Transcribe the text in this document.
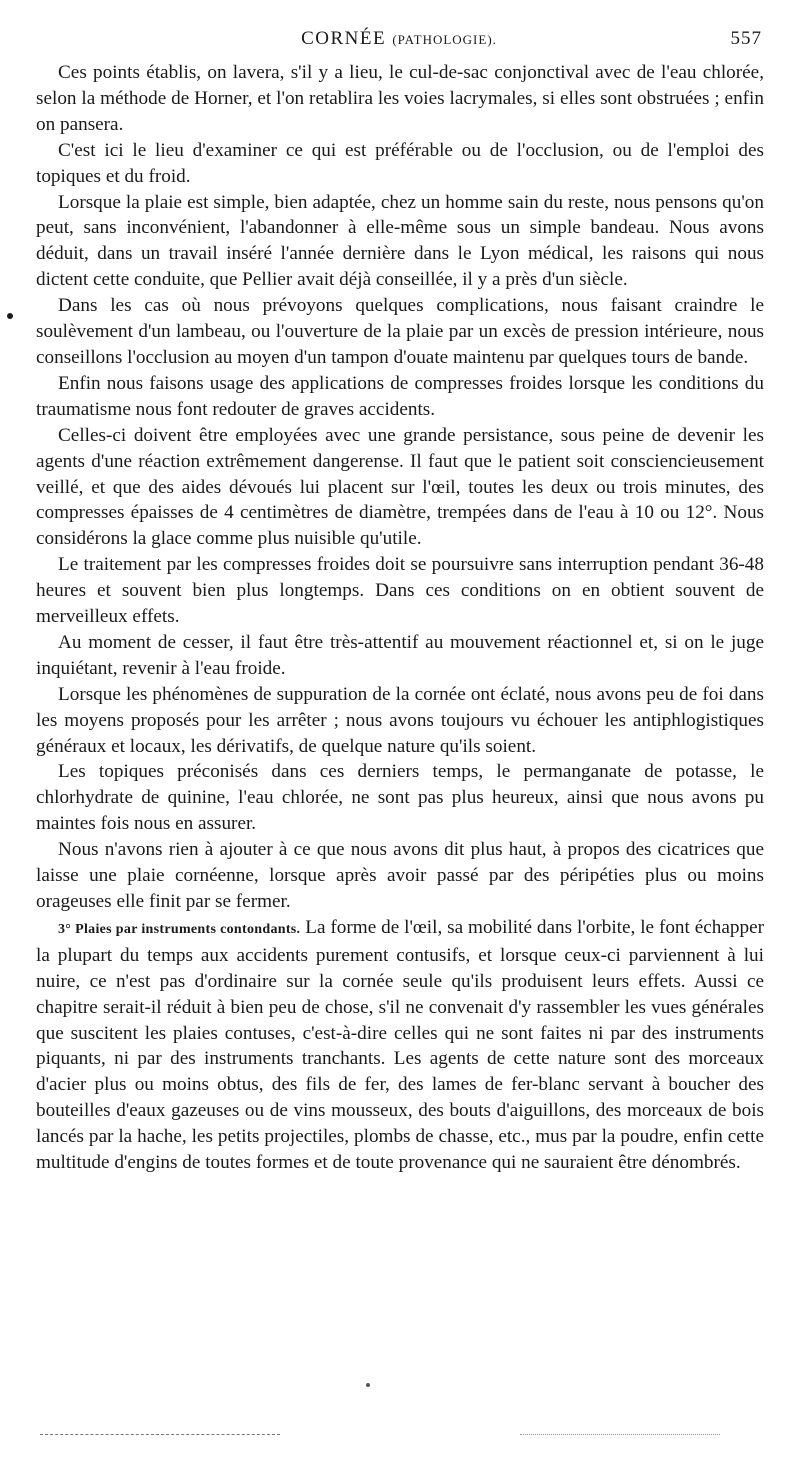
CORNÉE (PATHOLOGIE).	557

Ces points établis, on lavera, s'il y a lieu, le cul-de-sac conjonctival avec de l'eau chlorée, selon la méthode de Horner, et l'on retablira les voies lacrymales, si elles sont obstruées ; enfin on pansera.

C'est ici le lieu d'examiner ce qui est préférable ou de l'occlusion, ou de l'emploi des topiques et du froid.

Lorsque la plaie est simple, bien adaptée, chez un homme sain du reste, nous pensons qu'on peut, sans inconvénient, l'abandonner à elle-même sous un simple bandeau. Nous avons déduit, dans un travail inséré l'année dernière dans le Lyon médical, les raisons qui nous dictent cette conduite, que Pellier avait déjà conseillée, il y a près d'un siècle.

Dans les cas où nous prévoyons quelques complications, nous faisant craindre le soulèvement d'un lambeau, ou l'ouverture de la plaie par un excès de pression intérieure, nous conseillons l'occlusion au moyen d'un tampon d'ouate maintenu par quelques tours de bande.

Enfin nous faisons usage des applications de compresses froides lorsque les conditions du traumatisme nous font redouter de graves accidents.

Celles-ci doivent être employées avec une grande persistance, sous peine de devenir les agents d'une réaction extrêmement dangerense. Il faut que le patient soit consciencieusement veillé, et que des aides dévoués lui placent sur l'œil, toutes les deux ou trois minutes, des compresses épaisses de 4 centimètres de diamètre, trempées dans de l'eau à 10 ou 12°. Nous considérons la glace comme plus nuisible qu'utile.

Le traitement par les compresses froides doit se poursuivre sans interruption pendant 36-48 heures et souvent bien plus longtemps. Dans ces conditions on en obtient souvent de merveilleux effets.

Au moment de cesser, il faut être très-attentif au mouvement réactionnel et, si on le juge inquiétant, revenir à l'eau froide.

Lorsque les phénomènes de suppuration de la cornée ont éclaté, nous avons peu de foi dans les moyens proposés pour les arrêter ; nous avons toujours vu échouer les antiphlogistiques généraux et locaux, les dérivatifs, de quelque nature qu'ils soient.

Les topiques préconisés dans ces derniers temps, le permanganate de potasse, le chlorhydrate de quinine, l'eau chlorée, ne sont pas plus heureux, ainsi que nous avons pu maintes fois nous en assurer.

Nous n'avons rien à ajouter à ce que nous avons dit plus haut, à propos des cicatrices que laisse une plaie cornéenne, lorsque après avoir passé par des péripéties plus ou moins orageuses elle finit par se fermer.

3° Plaies par instruments contondants. La forme de l'œil, sa mobilité dans l'orbite, le font échapper la plupart du temps aux accidents purement contusifs, et lorsque ceux-ci parviennent à lui nuire, ce n'est pas d'ordinaire sur la cornée seule qu'ils produisent leurs effets. Aussi ce chapitre serait-il réduit à bien peu de chose, s'il ne convenait d'y rassembler les vues générales que suscitent les plaies contuses, c'est-à-dire celles qui ne sont faites ni par des instruments piquants, ni par des instruments tranchants. Les agents de cette nature sont des morceaux d'acier plus ou moins obtus, des fils de fer, des lames de fer-blanc servant à boucher des bouteilles d'eaux gazeuses ou de vins mousseux, des bouts d'aiguillons, des morceaux de bois lancés par la hache, les petits projectiles, plombs de chasse, etc., mus par la poudre, enfin cette multitude d'engins de toutes formes et de toute provenance qui ne sauraient être dénombrés.
